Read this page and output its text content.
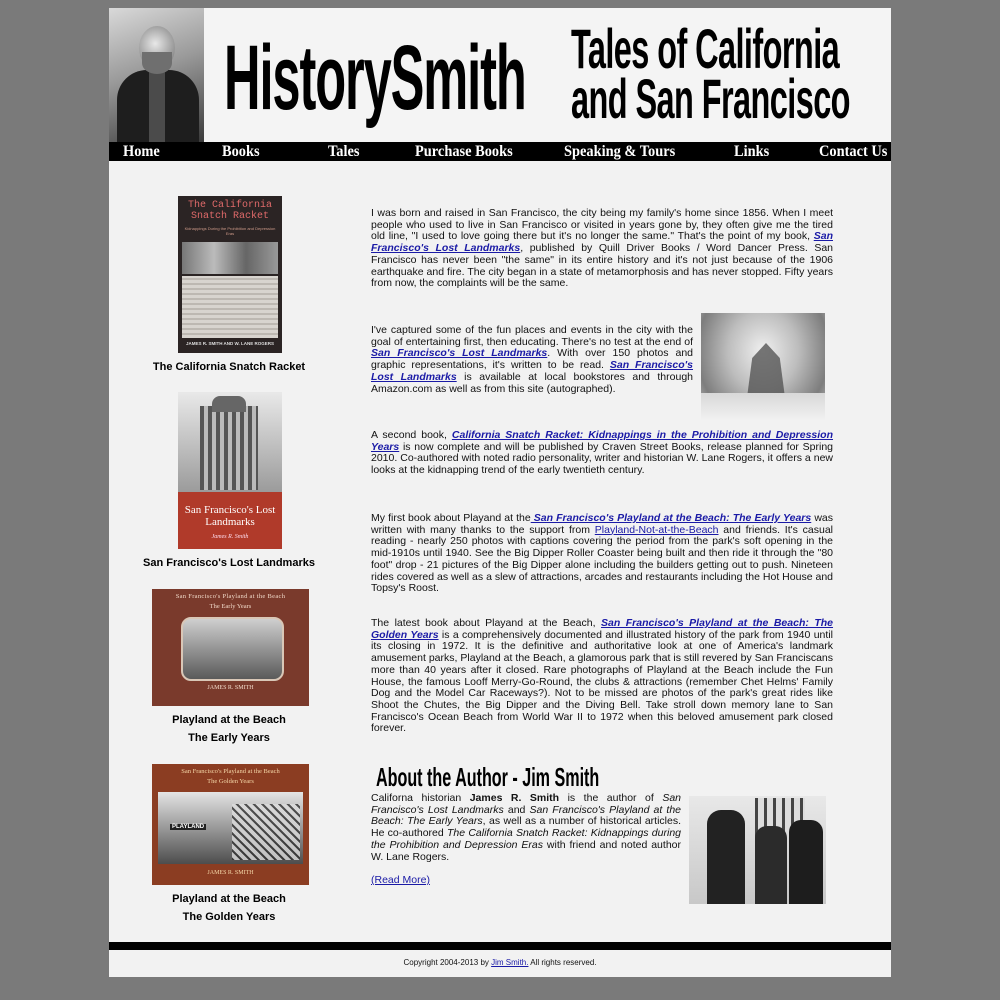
HistorySmith Tales of California
and San Francisco
Home	Books	Tales	Purchase Books	Speaking & Tours	Links	Contact Us
The California Snatch Racket
Kidnappings During the Prohibition and Depression Eras
JAMES R. SMITH AND W. LANE ROGERS
The California Snatch Racket
San Francisco's Lost Landmarks
James R. Smith
San Francisco's Lost Landmarks
San Francisco's Playland at the Beach
The Early Years
JAMES R. SMITH
Playland at the Beach
The Early Years
San Francisco's Playland at the Beach
The Golden Years
PLAYLAND
JAMES R. SMITH
Playland at the Beach
The Golden Years
I was born and raised in San Francisco, the city being my family's home since 1856. When I meet people who used to live in San Francisco or visited in years gone by, they often give me the tired old line, "I used to love going there but it's no longer the same." That's the point of my book, San Francisco's Lost Landmarks, published by Quill Driver Books / Word Dancer Press. San Francisco has never been "the same" in its entire history and it's not just because of the 1906 earthquake and fire. The city began in a state of metamorphosis and has never stopped. Fifty years from now, the complaints will be the same.
I've captured some of the fun places and events in the city with the goal of entertaining first, then educating. There's no test at the end of San Francisco's Lost Landmarks. With over 150 photos and graphic representations, it's written to be read. San Francisco's Lost Landmarks is available at local bookstores and through Amazon.com as well as from this site (autographed).
A second book, California Snatch Racket: Kidnappings in the Prohibition and Depression Years is now complete and will be published by Craven Street Books, release planned for Spring 2010. Co-authored with noted radio personality, writer and historian W. Lane Rogers, it offers a new looks at the kidnapping trend of the early twentieth century.
My first book about Playand at the San Francisco's Playland at the Beach: The Early Years was written with many thanks to the support from Playland-Not-at-the-Beach and friends. It's casual reading - nearly 250 photos with captions covering the period from the park's soft opening in the mid-1910s until 1940. See the Big Dipper Roller Coaster being built and then ride it through the "80 foot" drop - 21 pictures of the Big Dipper alone including the builders getting out to push. Nineteen rides covered as well as a slew of attractions, arcades and restaurants including the Hot House and Topsy's Roost.
The latest book about Playand at the Beach, San Francisco's Playland at the Beach: The Golden Years is a comprehensively documented and illustrated history of the park from 1940 until its closing in 1972. It is the definitive and authoritative look at one of America's landmark amusement parks, Playland at the Beach, a glamorous park that is still revered by San Franciscans more than 40 years after it closed. Rare photographs of Playland at the Beach include the Fun House, the famous Looff Merry-Go-Round, the clubs & attractions (remember Chet Helms' Family Dog and the Model Car Raceways?). Not to be missed are photos of the park's great rides like Shoot the Chutes, the Big Dipper and the Diving Bell. Take stroll down memory lane to San Francisco's Ocean Beach from World War II to 1972 when this beloved amusement park closed forever.
About the Author - Jim Smith
Californa historian James R. Smith is the author of San Francisco's Lost Landmarks and San Francisco's Playland at the Beach: The Early Years, as well as a number of historical articles. He co-authored The California Snatch Racket: Kidnappings during the Prohibition and Depression Eras with friend and noted author W. Lane Rogers.
(Read More)
Copyright 2004-2013 by Jim Smith. All rights reserved.
